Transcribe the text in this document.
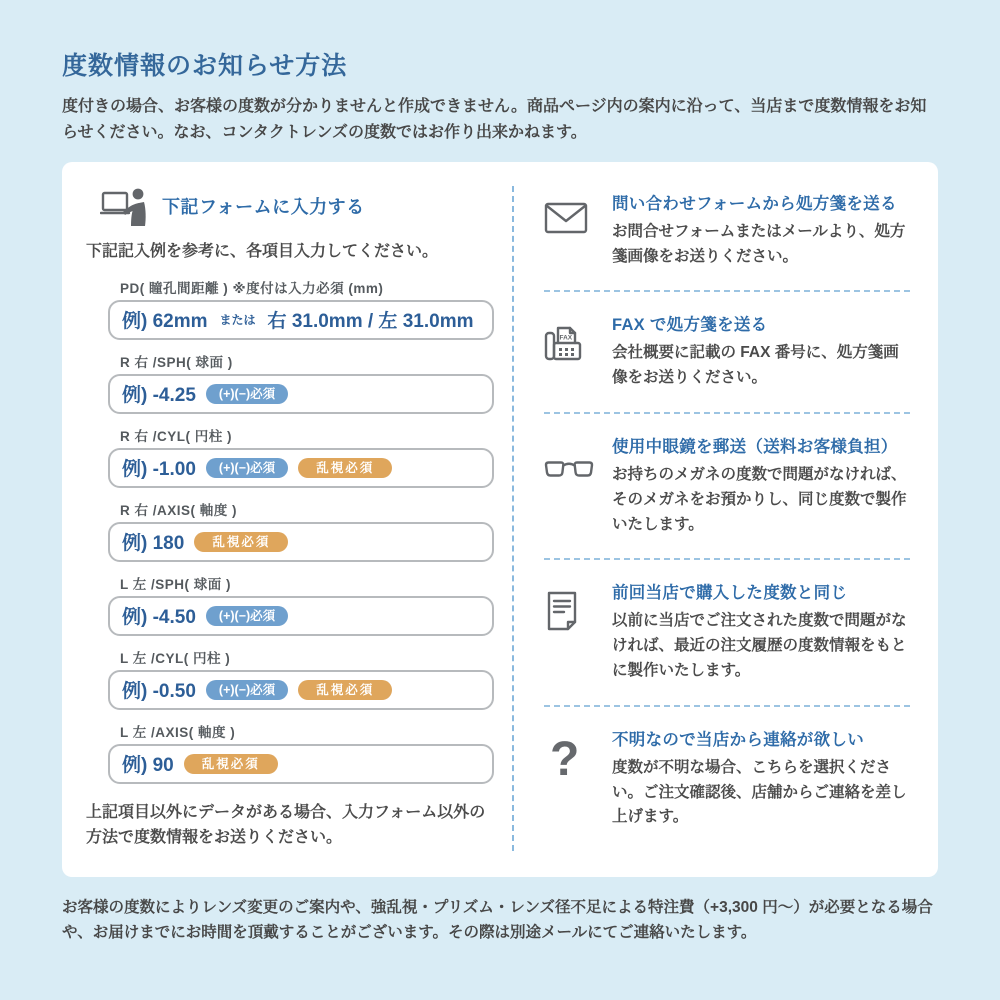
度数情報のお知らせ方法

度付きの場合、お客様の度数が分かりませんと作成できません。商品ページ内の案内に沿って、当店まで度数情報をお知らせください。なお、コンタクトレンズの度数ではお作り出来かねます。

下記フォームに入力する

下記記入例を参考に、各項目入力してください。

PD( 瞳孔間距離 ) ※度付は入力必須 (mm)
例) 62mm または 右 31.0mm / 左 31.0mm
R 右 /SPH( 球面 )
例) -4.25	(+)(−)必須
R 右 /CYL( 円柱 )
例) -1.00	(+)(−)必須	乱視必須
R 右 /AXIS( 軸度 )
例) 180	乱視必須
L 左 /SPH( 球面 )
例) -4.50	(+)(−)必須
L 左 /CYL( 円柱 )
例) -0.50	(+)(−)必須	乱視必須
L 左 /AXIS( 軸度 )
例) 90	乱視必須

上記項目以外にデータがある場合、入力フォーム以外の方法で度数情報をお送りください。

問い合わせフォームから処方箋を送る

お問合せフォームまたはメールより、処方箋画像をお送りください。

FAX
FAX で処方箋を送る

会社概要に記載の FAX 番号に、処方箋画像をお送りください。

使用中眼鏡を郵送（送料お客様負担）

お持ちのメガネの度数で問題がなければ、そのメガネをお預かりし、同じ度数で製作いたします。

前回当店で購入した度数と同じ

以前に当店でご注文された度数で問題がなければ、最近の注文履歴の度数情報をもとに製作いたします。

? 不明なので当店から連絡が欲しい

度数が不明な場合、こちらを選択ください。ご注文確認後、店舗からご連絡を差し上げます。

お客様の度数によりレンズ変更のご案内や、強乱視・プリズム・レンズ径不足による特注費（+3,300 円〜）が必要となる場合や、お届けまでにお時間を頂戴することがございます。その際は別途メールにてご連絡いたします。
